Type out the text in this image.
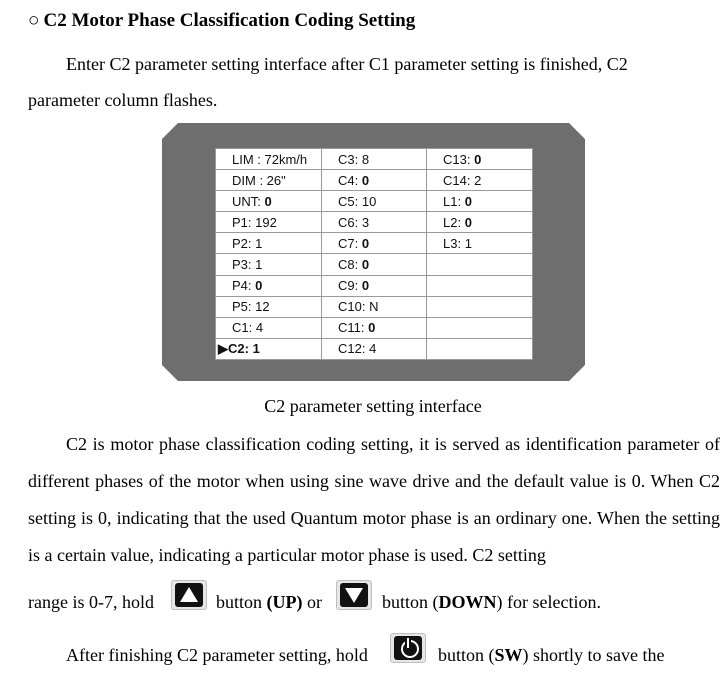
○ C2 Motor Phase Classification Coding Setting
Enter C2 parameter setting interface after C1 parameter setting is finished, C2 parameter column flashes.
LIM : 72km/h	C3: 8	C13: 0
DIM : 26"	C4: 0	C14: 2
UNT: 0	C5: 10	L1: 0
P1: 192	C6: 3	L2: 0
P2: 1	C7: 0	L3: 1
P3: 1	C8: 0	
P4: 0	C9: 0	
P5: 12	C10: N	
C1: 4	C11: 0	
▶C2: 1	C12: 4	
C2 parameter setting interface
C2 is motor phase classification coding setting, it is served as identification parameter of different phases of the motor when using sine wave drive and the default value is 0. When C2 setting is 0, indicating that the used Quantum motor phase is an ordinary one. When the setting is a certain value, indicating a particular motor phase is used. C2 setting
range is 0-7, hold	button (UP) or	button (DOWN) for selection.
After finishing C2 parameter setting, hold	button (SW) shortly to save the
